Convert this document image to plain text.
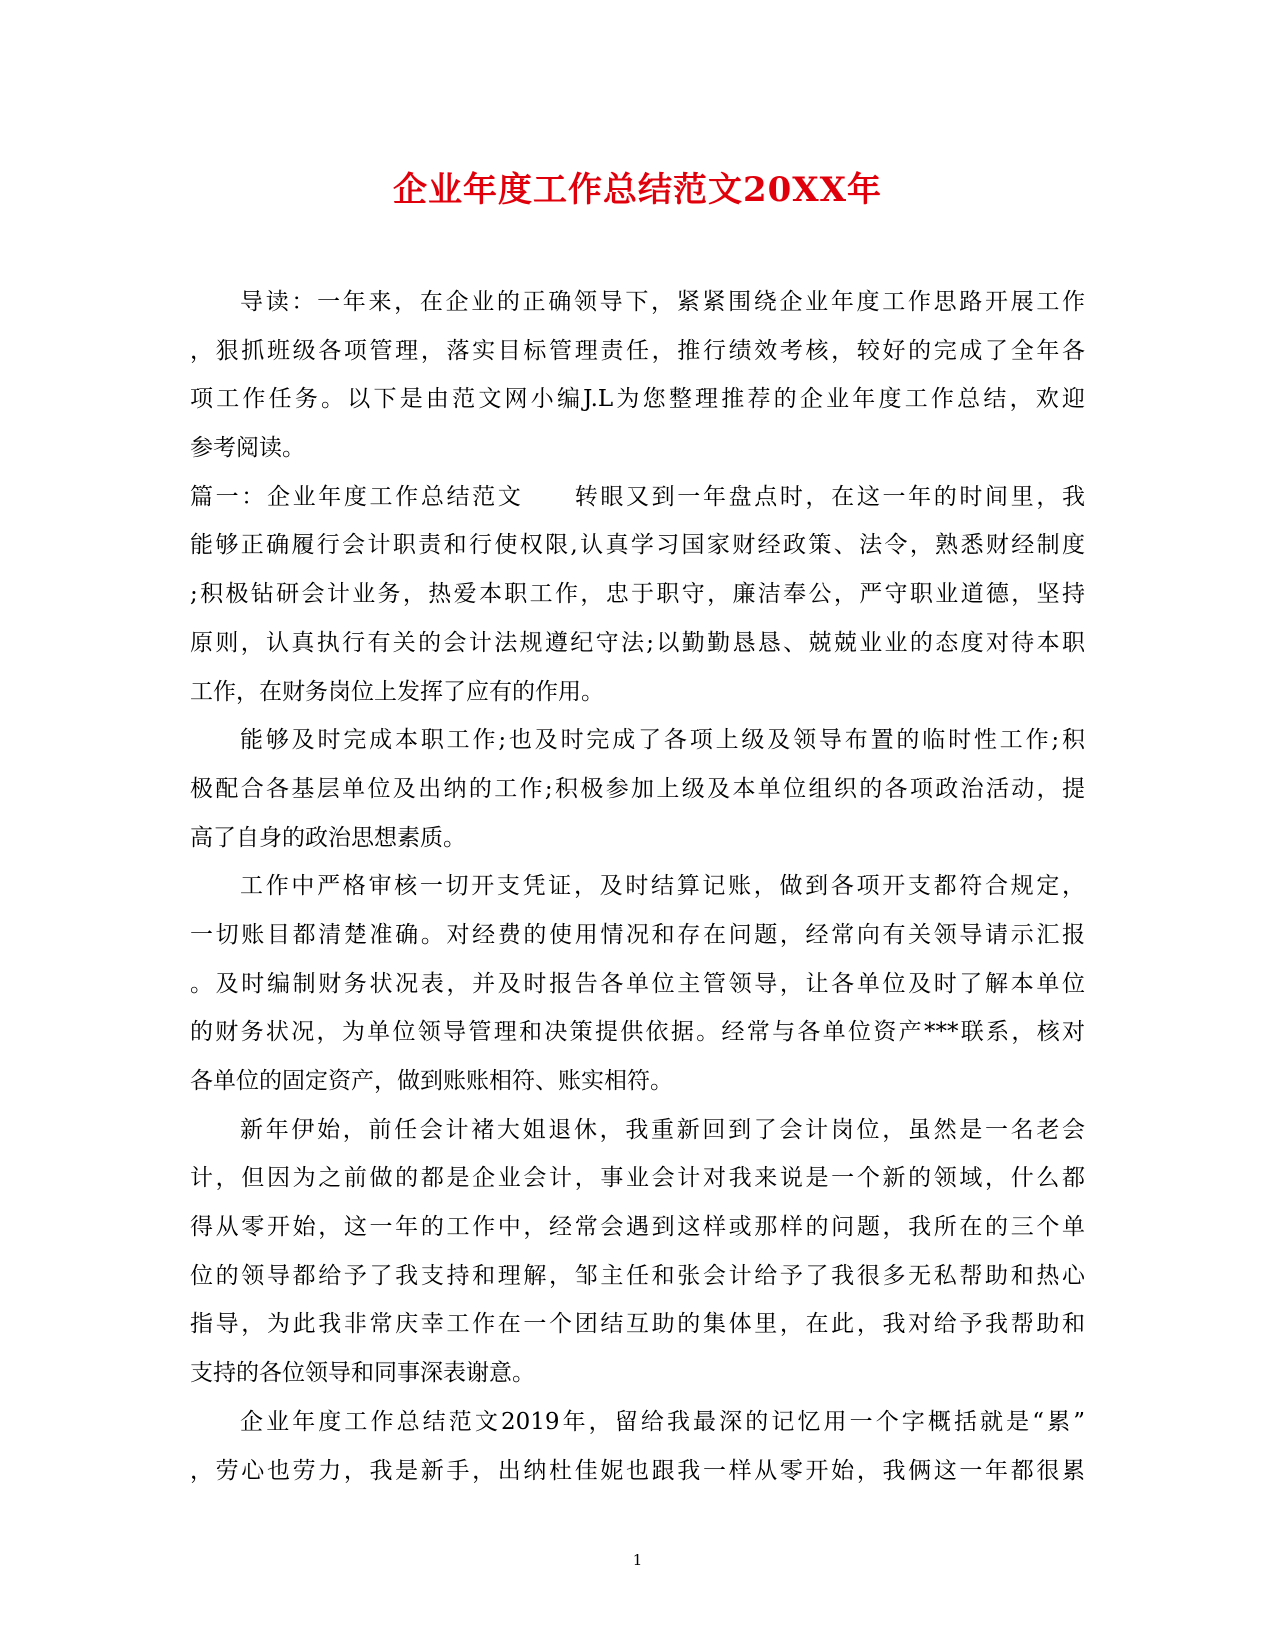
企业年度工作总结范文20XX年
导读：一年来，在企业的正确领导下，紧紧围绕企业年度工作思路开展工作
，狠抓班级各项管理，落实目标管理责任，推行绩效考核，较好的完成了全年各
项工作任务。以下是由范文网小编J.L为您整理推荐的企业年度工作总结，欢迎
参考阅读。
篇一：企业年度工作总结范文　　转眼又到一年盘点时，在这一年的时间里，我
能够正确履行会计职责和行使权限,认真学习国家财经政策、法令，熟悉财经制度
;积极钻研会计业务，热爱本职工作，忠于职守，廉洁奉公，严守职业道德，坚持
原则，认真执行有关的会计法规遵纪守法;以勤勤恳恳、兢兢业业的态度对待本职
工作，在财务岗位上发挥了应有的作用。
能够及时完成本职工作;也及时完成了各项上级及领导布置的临时性工作;积
极配合各基层单位及出纳的工作;积极参加上级及本单位组织的各项政治活动，提
高了自身的政治思想素质。
工作中严格审核一切开支凭证，及时结算记账，做到各项开支都符合规定，
一切账目都清楚准确。对经费的使用情况和存在问题，经常向有关领导请示汇报
。及时编制财务状况表，并及时报告各单位主管领导，让各单位及时了解本单位
的财务状况，为单位领导管理和决策提供依据。经常与各单位资产***联系，核对
各单位的固定资产，做到账账相符、账实相符。
新年伊始，前任会计褚大姐退休，我重新回到了会计岗位，虽然是一名老会
计，但因为之前做的都是企业会计，事业会计对我来说是一个新的领域，什么都
得从零开始，这一年的工作中，经常会遇到这样或那样的问题，我所在的三个单
位的领导都给予了我支持和理解，邹主任和张会计给予了我很多无私帮助和热心
指导，为此我非常庆幸工作在一个团结互助的集体里，在此，我对给予我帮助和
支持的各位领导和同事深表谢意。
企业年度工作总结范文2019年，留给我最深的记忆用一个字概括就是“累”
，劳心也劳力，我是新手，出纳杜佳妮也跟我一样从零开始，我俩这一年都很累
1
